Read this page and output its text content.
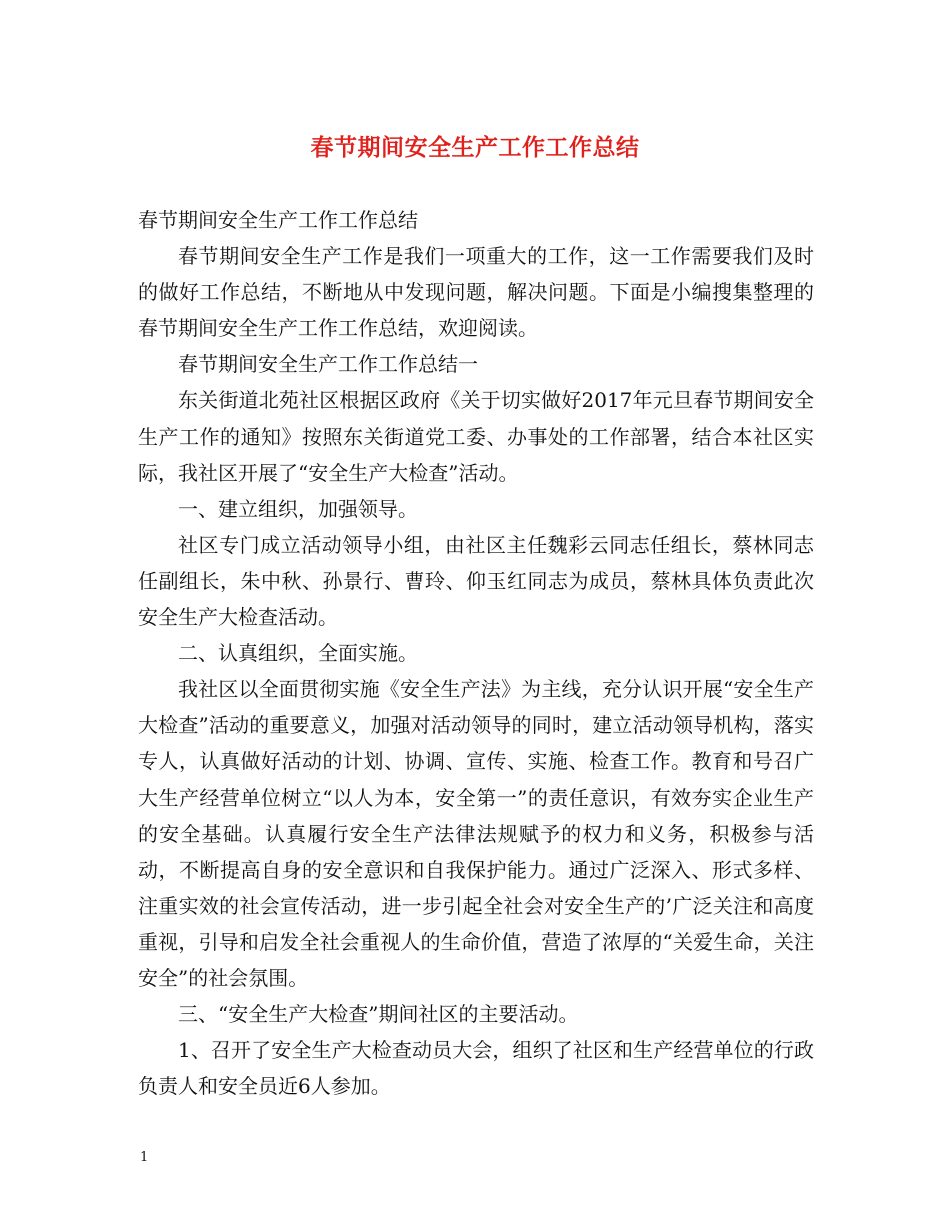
春节期间安全生产工作工作总结

春节期间安全生产工作工作总结

春节期间安全生产工作是我们一项重大的工作，这一工作需要我们及时的做好工作总结，不断地从中发现问题，解决问题。下面是小编搜集整理的春节期间安全生产工作工作总结，欢迎阅读。

春节期间安全生产工作工作总结一

东关街道北苑社区根据区政府《关于切实做好2017年元旦春节期间安全生产工作的通知》按照东关街道党工委、办事处的工作部署，结合本社区实际，我社区开展了“安全生产大检查”活动。

一、建立组织，加强领导。

社区专门成立活动领导小组，由社区主任魏彩云同志任组长，蔡林同志任副组长，朱中秋、孙景行、曹玲、仰玉红同志为成员，蔡林具体负责此次安全生产大检查活动。

二、认真组织，全面实施。

我社区以全面贯彻实施《安全生产法》为主线，充分认识开展“安全生产大检查”活动的重要意义，加强对活动领导的同时，建立活动领导机构，落实专人，认真做好活动的计划、协调、宣传、实施、检查工作。教育和号召广大生产经营单位树立“以人为本，安全第一”的责任意识，有效夯实企业生产的安全基础。认真履行安全生产法律法规赋予的权力和义务，积极参与活动，不断提高自身的安全意识和自我保护能力。通过广泛深入、形式多样、注重实效的社会宣传活动，进一步引起全社会对安全生产的’广泛关注和高度重视，引导和启发全社会重视人的生命价值，营造了浓厚的“关爱生命，关注安全”的社会氛围。

三、“安全生产大检查”期间社区的主要活动。

1、召开了安全生产大检查动员大会，组织了社区和生产经营单位的行政负责人和安全员近6人参加。

1
